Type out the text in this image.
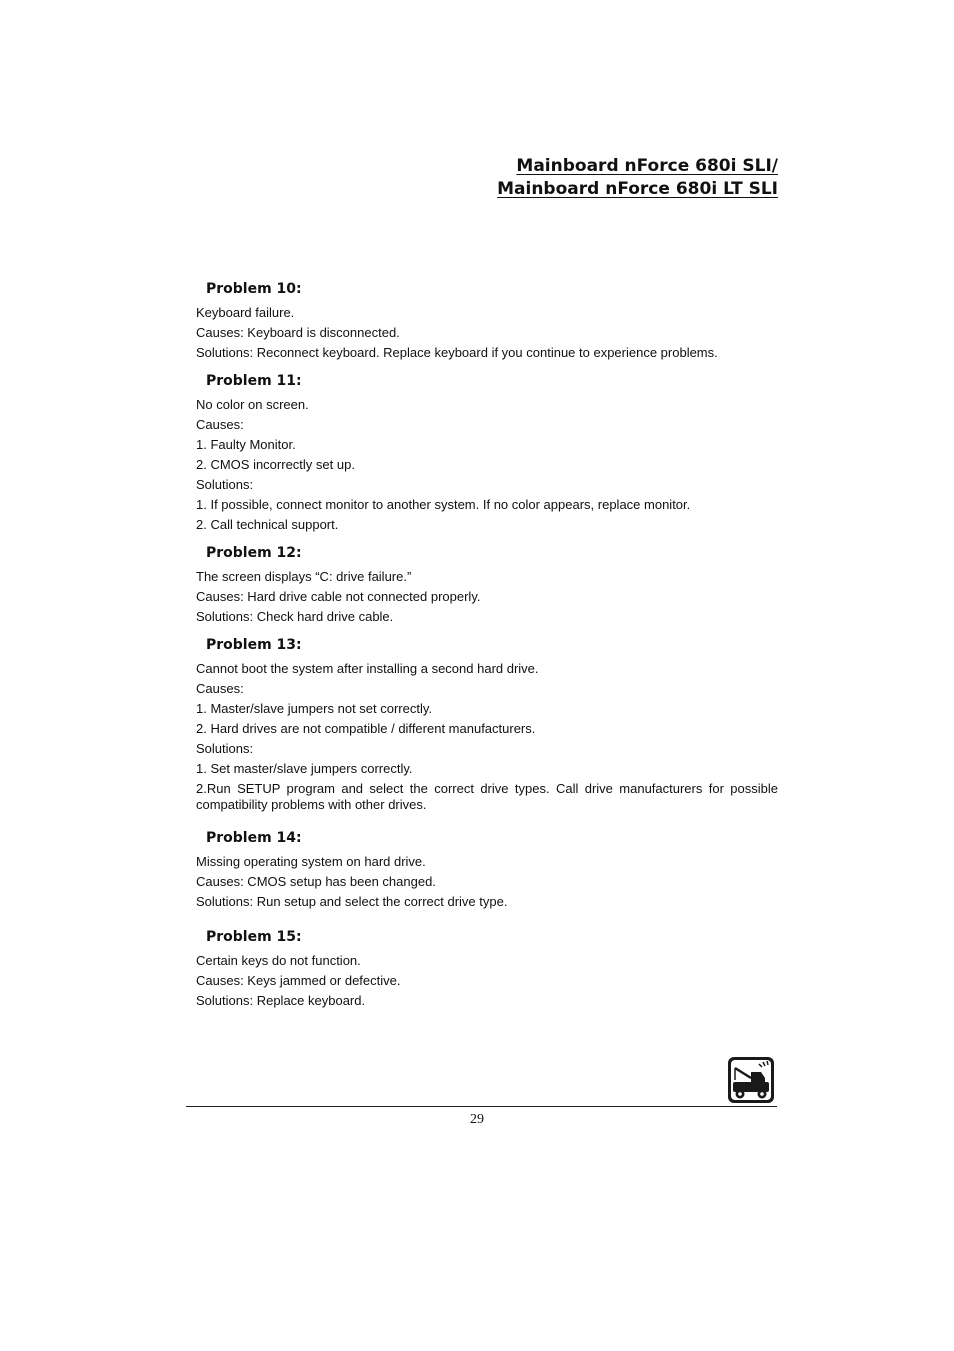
Mainboard nForce 680i SLI/
Mainboard nForce 680i LT SLI
Problem 10:

Keyboard failure.

Causes: Keyboard is disconnected.

Solutions: Reconnect keyboard. Replace keyboard if you continue to experience problems.

Problem 11:

No color on screen.

Causes:

1. Faulty Monitor.

2. CMOS incorrectly set up.

Solutions:

1. If possible, connect monitor to another system. If no color appears, replace monitor.

2. Call technical support.

Problem 12:

The screen displays “C: drive failure.”

Causes: Hard drive cable not connected properly.

Solutions: Check hard drive cable.

Problem 13:

Cannot boot the system after installing a second hard drive.

Causes:

1. Master/slave jumpers not set correctly.

2. Hard drives are not compatible / different manufacturers.

Solutions:

1. Set master/slave jumpers correctly.

2.Run SETUP program and select the correct drive types. Call drive manufacturers for possible compatibility problems with other drives.

Problem 14:

Missing operating system on hard drive.

Causes: CMOS setup has been changed.

Solutions: Run setup and select the correct drive type.

Problem 15:

Certain keys do not function.

Causes: Keys jammed or defective.

Solutions: Replace keyboard.

29
